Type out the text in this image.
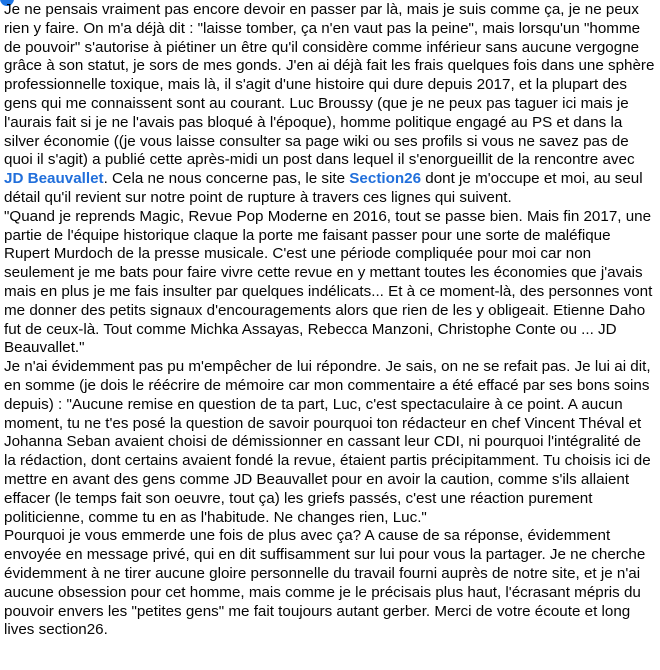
Je ne pensais vraiment pas encore devoir en passer par là, mais je suis comme ça, je ne peux rien y faire. On m'a déjà dit : "laisse tomber, ça n'en vaut pas la peine", mais lorsqu'un "homme de pouvoir" s'autorise à piétiner un être qu'il considère comme inférieur sans aucune vergogne grâce à son statut, je sors de mes gonds. J'en ai déjà fait les frais quelques fois dans une sphère professionnelle toxique, mais là, il s'agit d'une histoire qui dure depuis 2017, et la plupart des gens qui me connaissent sont au courant. Luc Broussy (que je ne peux pas taguer ici mais je l'aurais fait si je ne l'avais pas bloqué à l'époque), homme politique engagé au PS et dans la silver économie ((je vous laisse consulter sa page wiki ou ses profils si vous ne savez pas de quoi il s'agit) a publié cette après-midi un post dans lequel il s'enorgueillit de la rencontre avec JD Beauvallet. Cela ne nous concerne pas, le site Section26 dont je m'occupe et moi, au seul détail qu'il revient sur notre point de rupture à travers ces lignes qui suivent.

"Quand je reprends Magic, Revue Pop Moderne en 2016, tout se passe bien. Mais fin 2017, une partie de l'équipe historique claque la porte me faisant passer pour une sorte de maléfique Rupert Murdoch de la presse musicale. C'est une période compliquée pour moi car non seulement je me bats pour faire vivre cette revue en y mettant toutes les économies que j'avais mais en plus je me fais insulter par quelques indélicats... Et à ce moment-là, des personnes vont me donner des petits signaux d'encouragements alors que rien de les y obligeait. Etienne Daho fut de ceux-là. Tout comme Michka Assayas, Rebecca Manzoni, Christophe Conte ou ... JD Beauvallet."

Je n'ai évidemment pas pu m'empêcher de lui répondre. Je sais, on ne se refait pas. Je lui ai dit, en somme (je dois le réécrire de mémoire car mon commentaire a été effacé par ses bons soins depuis) : "Aucune remise en question de ta part, Luc, c'est spectaculaire à ce point. A aucun moment, tu ne t'es posé la question de savoir pourquoi ton rédacteur en chef Vincent Théval et Johanna Seban avaient choisi de démissionner en cassant leur CDI, ni pourquoi l'intégralité de la rédaction, dont certains avaient fondé la revue, étaient partis précipitamment. Tu choisis ici de mettre en avant des gens comme JD Beauvallet pour en avoir la caution, comme s'ils allaient effacer (le temps fait son oeuvre, tout ça) les griefs passés, c'est une réaction purement politicienne, comme tu en as l'habitude. Ne changes rien, Luc."

Pourquoi je vous emmerde une fois de plus avec ça? A cause de sa réponse, évidemment envoyée en message privé, qui en dit suffisamment sur lui pour vous la partager. Je ne cherche évidemment à ne tirer aucune gloire personnelle du travail fourni auprès de notre site, et je n'ai aucune obsession pour cet homme, mais comme je le précisais plus haut, l'écrasant mépris du pouvoir envers les "petites gens" me fait toujours autant gerber. Merci de votre écoute et long lives section26.
